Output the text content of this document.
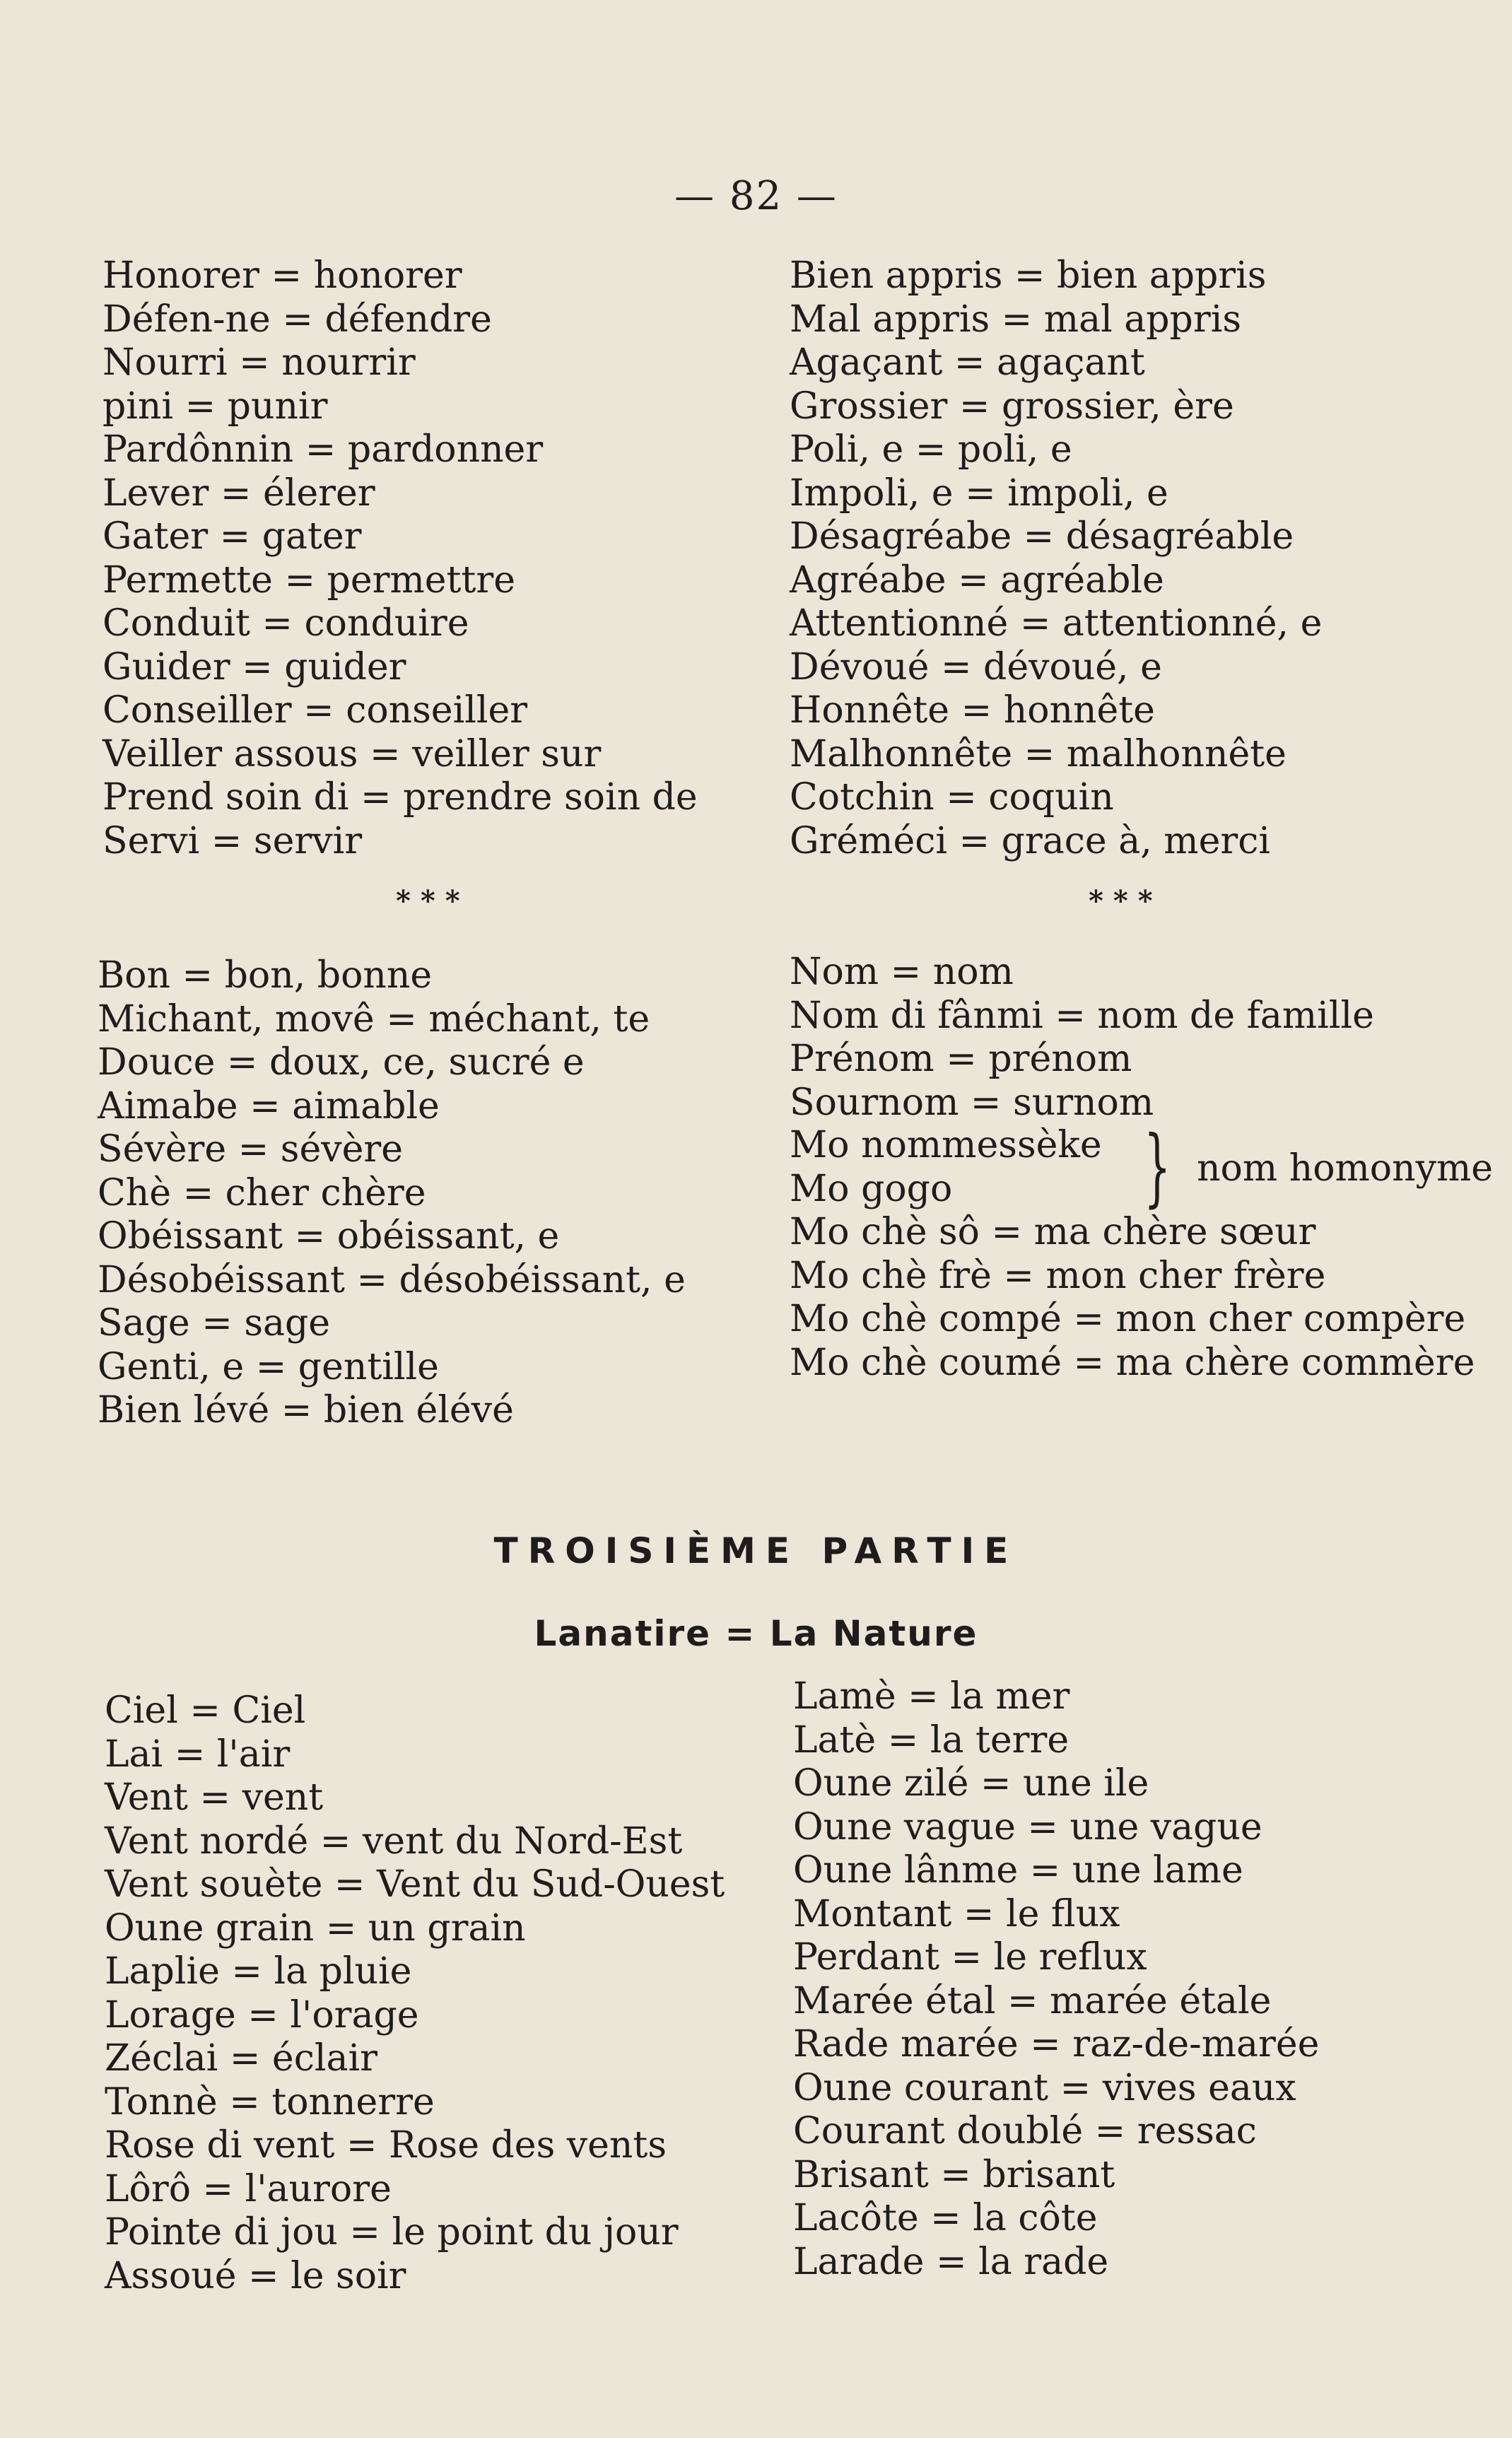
— 82 —
Honorer = honorer
Défen-ne = défendre
Nourri = nourrir
pini = punir
Pardônnin = pardonner
Lever = élerer
Gater = gater
Permette = permettre
Conduit = conduire
Guider = guider
Conseiller = conseiller
Veiller assous = veiller sur
Prend soin di = prendre soin de
Servi = servir
Bien appris = bien appris
Mal appris = mal appris
Agaçant = agaçant
Grossier = grossier, ère
Poli, e = poli, e
Impoli, e = impoli, e
Désagréabe = désagréable
Agréabe = agréable
Attentionné = attentionné, e
Dévoué = dévoué, e
Honnête = honnête
Malhonnête = malhonnête
Cotchin = coquin
Gréméci = grace à, merci
* * *	* * *
Bon = bon, bonne
Michant, movê = méchant, te
Douce = doux, ce, sucré e
Aimabe = aimable
Sévère = sévère
Chè = cher chère
Obéissant = obéissant, e
Désobéissant = désobéissant, e
Sage = sage
Genti, e = gentille
Bien lévé = bien élévé
Nom = nom
Nom di fânmi = nom de famille
Prénom = prénom
Sournom = surnom
Mo nommessèke
Mo gogo	} nom homonyme
Mo chè sô = ma chère sœur
Mo chè frè = mon cher frère
Mo chè compé = mon cher compère
Mo chè coumé = ma chère commère
TROISIÈME PARTIE
Lanatire = La Nature
Ciel = Ciel
Lai = l'air
Vent = vent
Vent nordé = vent du Nord-Est
Vent souète = Vent du Sud-Ouest
Oune grain = un grain
Laplie = la pluie
Lorage = l'orage
Zéclai = éclair
Tonnè = tonnerre
Rose di vent = Rose des vents
Lôrô = l'aurore
Pointe di jou = le point du jour
Assoué = le soir
Lamè = la mer
Latè = la terre
Oune zilé = une ile
Oune vague = une vague
Oune lânme = une lame
Montant = le flux
Perdant = le reflux
Marée étal = marée étale
Rade marée = raz-de-marée
Oune courant = vives eaux
Courant doublé = ressac
Brisant = brisant
Lacôte = la côte
Larade = la rade
